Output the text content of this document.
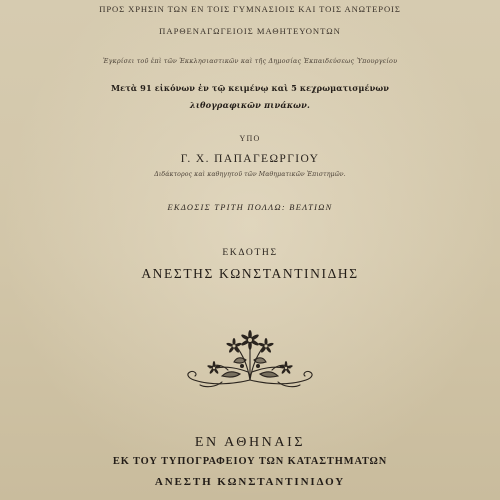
ΠΡΟΣ ΧΡΗΣΙΝ ΤΩΝ ΕΝ ΤΟΙΣ ΓΥΜΝΑΣΙΟΙΣ ΚΑΙ ΤΟΙΣ ΑΝΩΤΕΡΟΙΣ
ΠΑΡΘΕΝΑΓΩΓΕΙΟΙΣ ΜΑΘΗΤΕΥΟΝΤΩΝ
Ἐγκρίσει τοῦ ἐπὶ τῶν Ἐκκλησιαστικῶν καὶ τῆς Δημοσίας Ἐκπαιδεύσεως Ὑπουργείου
Μετὰ 91 εἰκόνων ἐν τῷ κειμένῳ καὶ 5 κεχρωματισμένων
λιθογραφικῶν πινάκων.
ΥΠΟ
Γ. Χ. ΠΑΠΑΓΕΩΡΓΙΟΥ
Διδάκτορος καὶ καθηγητοῦ τῶν Μαθηματικῶν Ἐπιστημῶν.
ΕΚΔΟΣΙΣ ΤΡΙΤΗ ΠΟΛΛΩ: ΒΕΛΤΙΩΝ
ΕΚΔΟΤΗΣ
ΑΝΕΣΤΗΣ ΚΩΝΣΤΑΝΤΙΝΙΔΗΣ
ΕΝ ΑΘΗΝΑΙΣ
ΕΚ ΤΟΥ ΤΥΠΟΓΡΑΦΕΙΟΥ ΤΩΝ ΚΑΤΑΣΤΗΜΑΤΩΝ
ΑΝΕΣΤΗ ΚΩΝΣΤΑΝΤΙΝΙΔΟΥ
